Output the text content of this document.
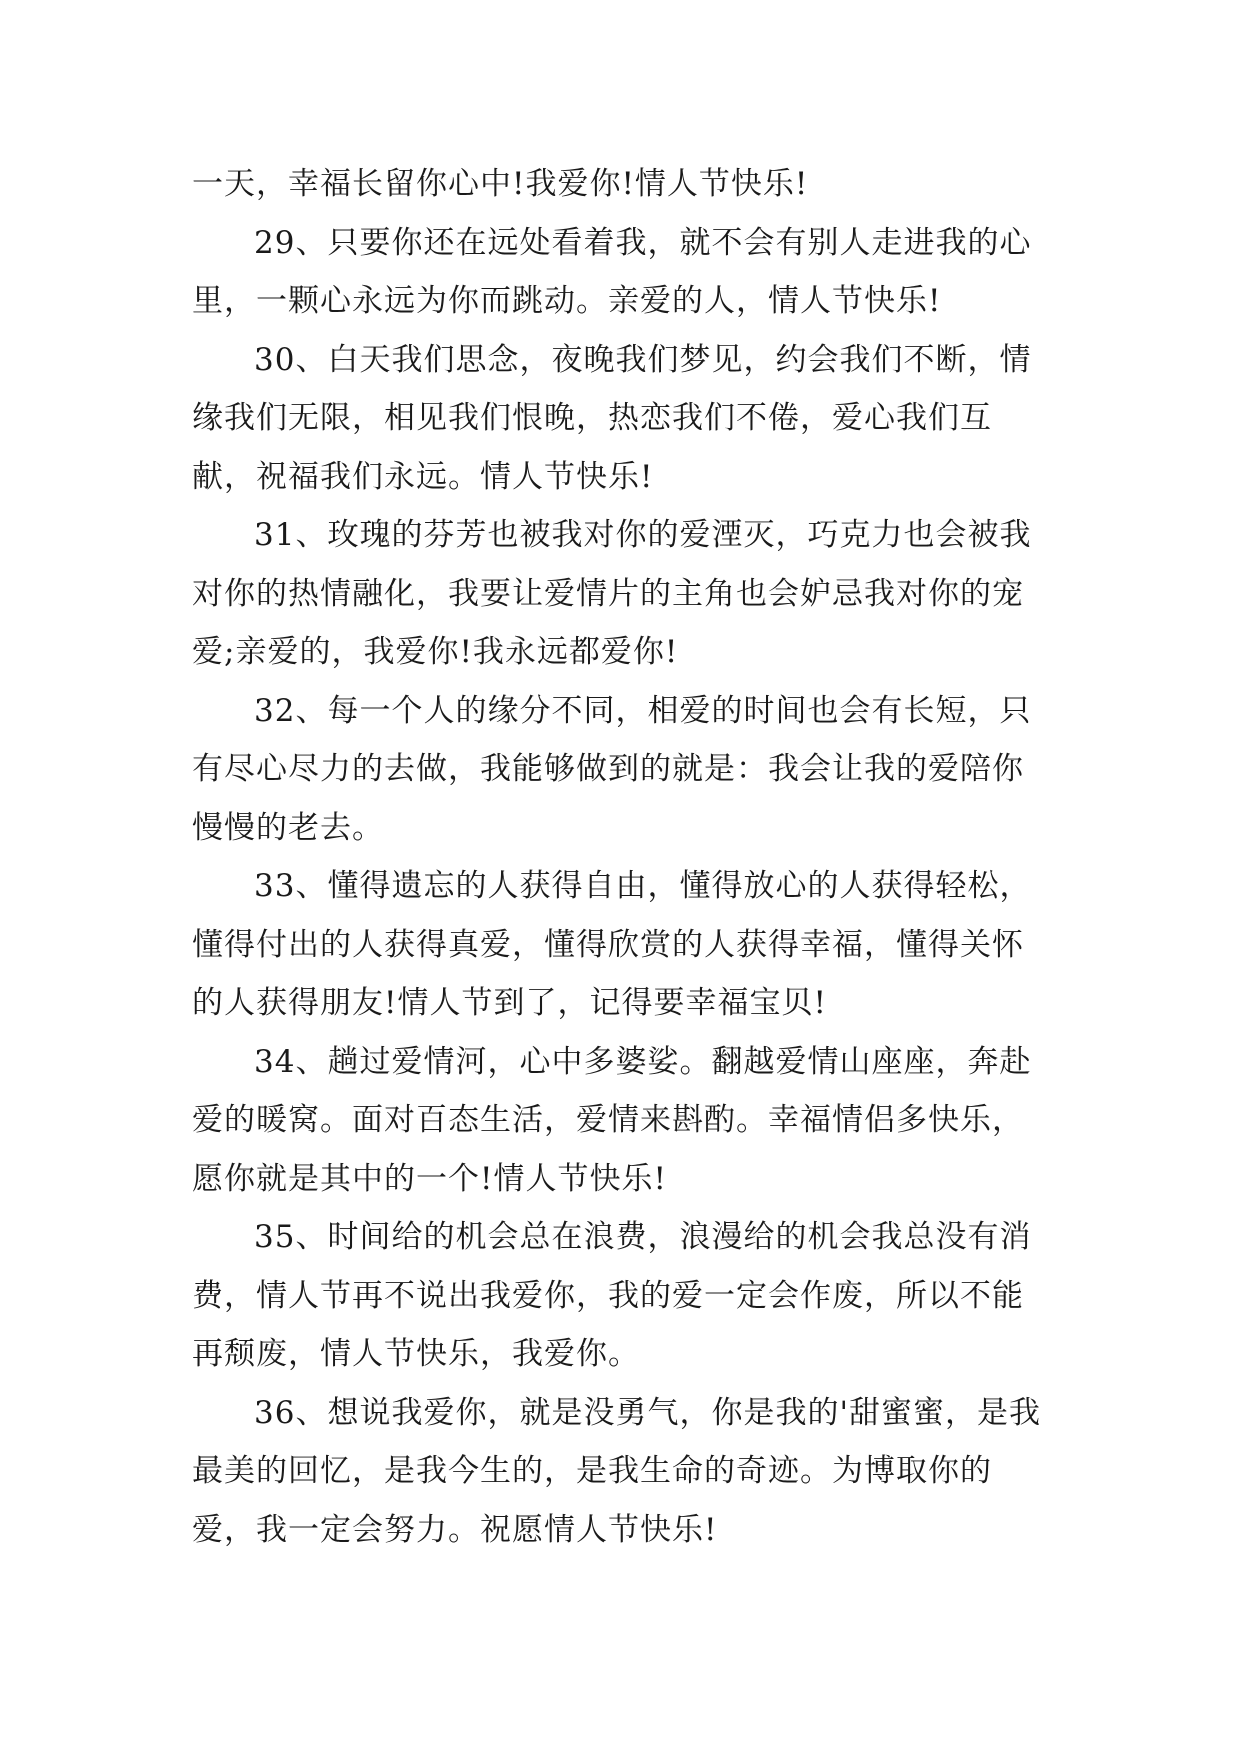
一天，幸福长留你心中!我爱你!情人节快乐!

29、只要你还在远处看着我，就不会有别人走进我的心里，一颗心永远为你而跳动。亲爱的人，情人节快乐!

30、白天我们思念，夜晚我们梦见，约会我们不断，情缘我们无限，相见我们恨晚，热恋我们不倦，爱心我们互献，祝福我们永远。情人节快乐!

31、玫瑰的芬芳也被我对你的爱湮灭，巧克力也会被我对你的热情融化，我要让爱情片的主角也会妒忌我对你的宠爱;亲爱的，我爱你!我永远都爱你!

32、每一个人的缘分不同，相爱的时间也会有长短，只有尽心尽力的去做，我能够做到的就是：我会让我的爱陪你慢慢的老去。

33、懂得遗忘的人获得自由，懂得放心的人获得轻松，懂得付出的人获得真爱，懂得欣赏的人获得幸福，懂得关怀的人获得朋友!情人节到了，记得要幸福宝贝!

34、趟过爱情河，心中多婆娑。翻越爱情山座座，奔赴爱的暖窝。面对百态生活，爱情来斟酌。幸福情侣多快乐，愿你就是其中的一个!情人节快乐!

35、时间给的机会总在浪费，浪漫给的机会我总没有消费，情人节再不说出我爱你，我的爱一定会作废，所以不能再颓废，情人节快乐，我爱你。

36、想说我爱你，就是没勇气，你是我的'甜蜜蜜，是我最美的回忆，是我今生的，是我生命的奇迹。为博取你的爱，我一定会努力。祝愿情人节快乐!
